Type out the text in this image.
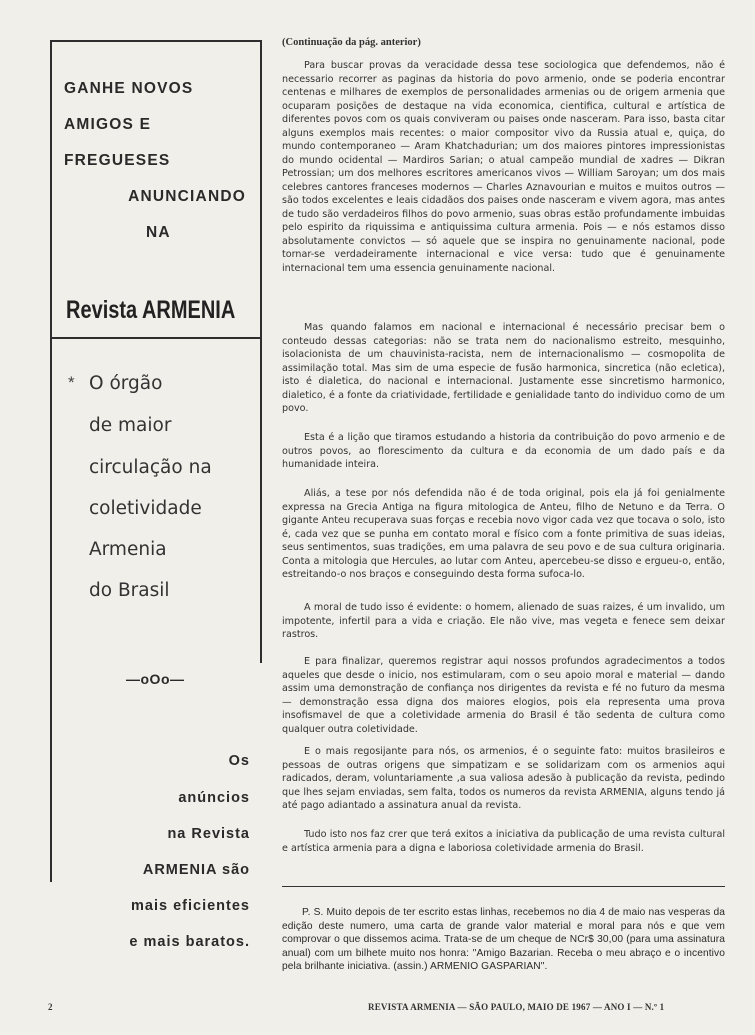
GANHE NOVOS
AMIGOS E
FREGUESES
ANUNCIANDO
NA
Revista ARMENIA
* O órgão
de maior
circulação na
coletividade
Armenia
do Brasil
—oOo—
Os
anúncios
na Revista
ARMENIA são
mais eficientes
e mais baratos.
(Continuação da pág. anterior)

Para buscar provas da veracidade dessa tese sociologica que defendemos, não é necessario recorrer as paginas da historia do povo armenio, onde se poderia encontrar centenas e milhares de exemplos de personalidades armenias ou de origem armenia que ocuparam posições de destaque na vida economica, cientifica, cultural e artística de diferentes povos com os quais conviveram ou paises onde nasceram. Para isso, basta citar alguns exemplos mais recentes: o maior compositor vivo da Russia atual e, quiça, do mundo contemporaneo — Aram Khatchadurian; um dos maiores pintores impressionistas do mundo ocidental — Mardiros Sarian; o atual campeão mundial de xadres — Dikran Petrossian; um dos melhores escritores americanos vivos — William Saroyan; um dos mais celebres cantores franceses modernos — Charles Aznavourian e muitos e muitos outros — são todos excelentes e leais cidadãos dos paises onde nasceram e vivem agora, mas antes de tudo são verdadeiros filhos do povo armenio, suas obras estão profundamente imbuidas pelo espirito da riquissima e antiquissima cultura armenia. Pois — e nós estamos disso absolutamente convictos — só aquele que se inspira no genuinamente nacional, pode tornar-se verdadeiramente internacional e vice versa: tudo que é genuinamente internacional tem uma essencia genuinamente nacional.

Mas quando falamos em nacional e internacional é necessário precisar bem o conteudo dessas categorias: não se trata nem do nacionalismo estreito, mesquinho, isolacionista de um chauvinista-racista, nem de internacionalismo — cosmopolita de assimilação total. Mas sim de uma especie de fusão harmonica, sincretica (não ecletica), isto é dialetica, do nacional e internacional. Justamente esse sincretismo harmonico, dialetico, é a fonte da criatividade, fertilidade e genialidade tanto do individuo como de um povo.

Esta é a lição que tiramos estudando a historia da contribuição do povo armenio e de outros povos, ao florescimento da cultura e da economia de um dado país e da humanidade inteira.

Aliás, a tese por nós defendida não é de toda original, pois ela já foi genialmente expressa na Grecia Antiga na figura mitologica de Anteu, filho de Netuno e da Terra. O gigante Anteu recuperava suas forças e recebia novo vigor cada vez que tocava o solo, isto é, cada vez que se punha em contato moral e físico com a fonte primitiva de suas ideias, seus sentimentos, suas tradições, em uma palavra de seu povo e de sua cultura originaria. Conta a mitologia que Hercules, ao lutar com Anteu, apercebeu-se disso e ergueu-o, então, estreitando-o nos braços e conseguindo desta forma sufoca-lo.

A moral de tudo isso é evidente: o homem, alienado de suas raizes, é um invalido, um impotente, infertil para a vida e criação. Ele não vive, mas vegeta e fenece sem deixar rastros.

E para finalizar, queremos registrar aqui nossos profundos agradecimentos a todos aqueles que desde o inicio, nos estimularam, com o seu apoio moral e material — dando assim uma demonstração de confiança nos dirigentes da revista e fé no futuro da mesma — demonstração essa digna dos maiores elogios, pois ela representa uma prova insofismavel de que a coletividade armenia do Brasil é tão sedenta de cultura como qualquer outra coletividade.

E o mais regosijante para nós, os armenios, é o seguinte fato: muitos brasileiros e pessoas de outras origens que simpatizam e se solidarizam com os armenios aqui radicados, deram, voluntariamente ,a sua valiosa adesão à publicação da revista, pedindo que lhes sejam enviadas, sem falta, todos os numeros da revista ARMENIA, alguns tendo já até pago adiantado a assinatura anual da revista.

Tudo isto nos faz crer que terá exitos a iniciativa da publicação de uma revista cultural e artística armenia para a digna e laboriosa coletividade armenia do Brasil.

P. S. Muito depois de ter escrito estas linhas, recebemos no dia 4 de maio nas vesperas da edição deste numero, uma carta de grande valor material e moral para nós e que vem comprovar o que dissemos acima. Trata-se de um cheque de NCr$ 30,00 (para uma assinatura anual) com um bilhete muito nos honra: "Amigo Bazarian. Receba o meu abraço e o incentivo pela brilhante iniciativa. (assin.) ARMENIO GASPARIAN".

2	REVISTA ARMENIA — SÃO PAULO, MAIO DE 1967 — ANO I — N.º 1
